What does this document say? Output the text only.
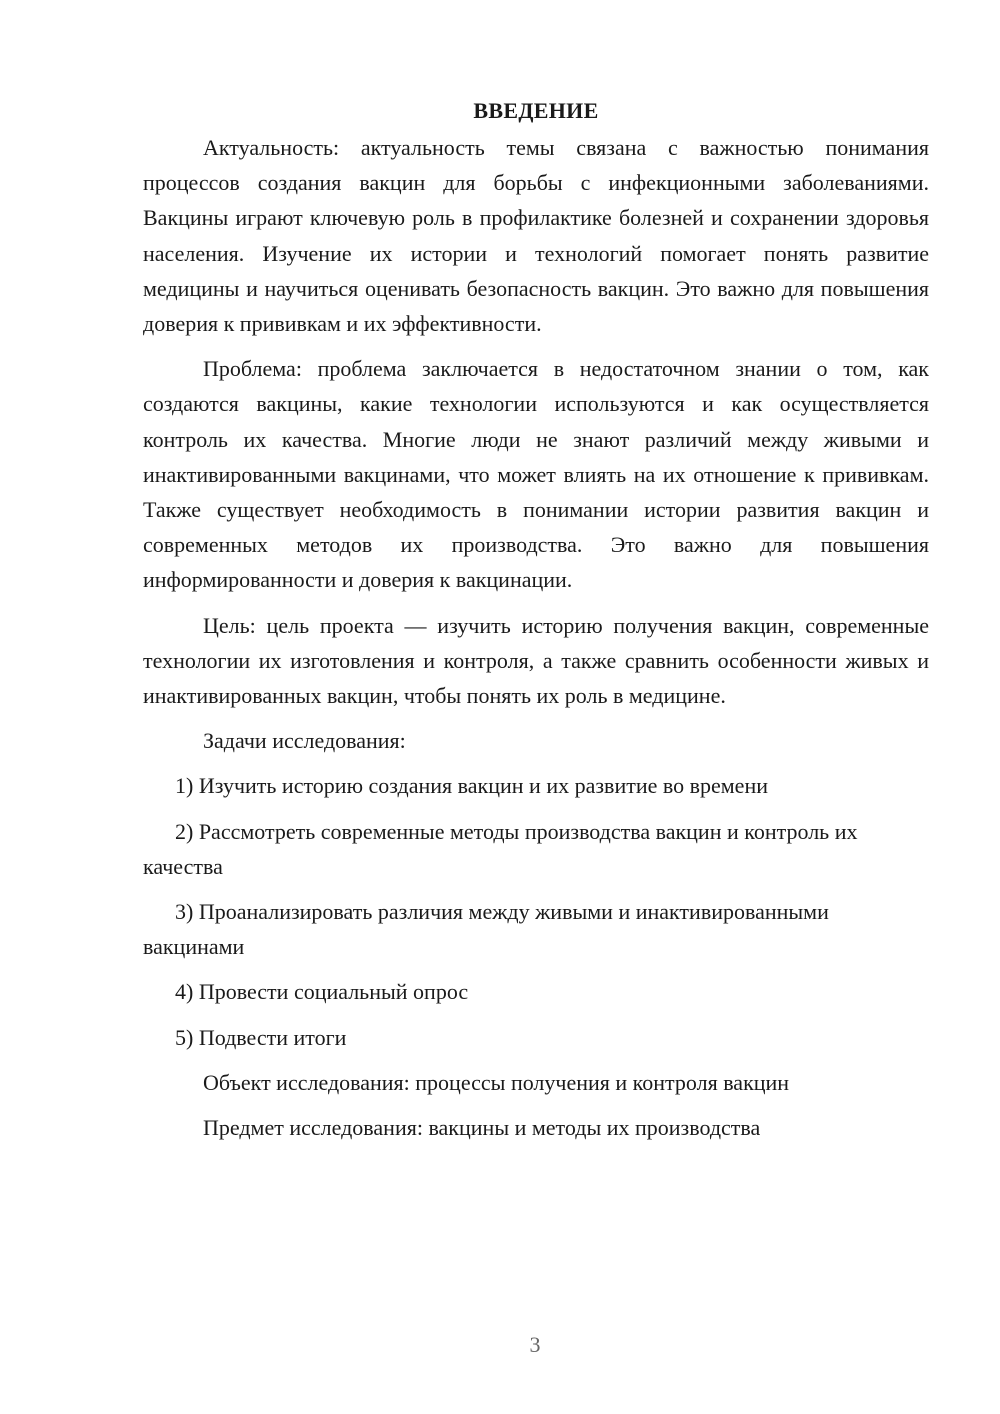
ВВЕДЕНИЕ

Актуальность: актуальность темы связана с важностью понимания процессов создания вакцин для борьбы с инфекционными заболеваниями. Вакцины играют ключевую роль в профилактике болезней и сохранении здоровья населения. Изучение их истории и технологий помогает понять развитие медицины и научиться оценивать безопасность вакцин. Это важно для повышения доверия к прививкам и их эффективности.

Проблема: проблема заключается в недостаточном знании о том, как создаются вакцины, какие технологии используются и как осуществляется контроль их качества. Многие люди не знают различий между живыми и инактивированными вакцинами, что может влиять на их отношение к прививкам. Также существует необходимость в понимании истории развития вакцин и современных методов их производства. Это важно для повышения информированности и доверия к вакцинации.

Цель: цель проекта — изучить историю получения вакцин, современные технологии их изготовления и контроля, а также сравнить особенности живых и инактивированных вакцин, чтобы понять их роль в медицине.

Задачи исследования:

1) Изучить историю создания вакцин и их развитие во времени

2) Рассмотреть современные методы производства вакцин и контроль их качества

3) Проанализировать различия между живыми и инактивированными вакцинами

4) Провести социальный опрос

5) Подвести итоги

Объект исследования: процессы получения и контроля вакцин

Предмет исследования: вакцины и методы их производства

3
